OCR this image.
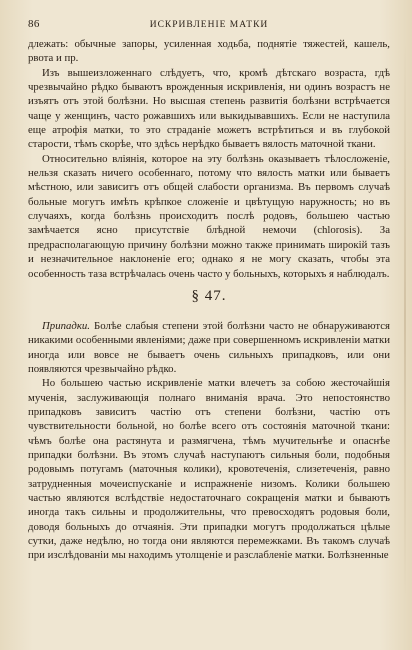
86	ИСКРИВЛЕНІЕ МАТКИ

длежать: обычные запоры, усиленная ходьба, поднятіе тяжестей, кашель, рвота и пр.

Изъ вышеизложеннаго слѣдуетъ, что, кромѣ дѣтскаго возраста, гдѣ чрезвычайно рѣдко бываютъ врожденныя искривленія, ни одинъ возрастъ не изъятъ отъ этой болѣзни. Но высшая степень развитія болѣзни встрѣчается чаще у женщинъ, часто рожавшихъ или выкидывавшихъ. Если не наступила еще атрофія матки, то это страданіе можетъ встрѣтиться и въ глубокой старости, тѣмъ скорѣе, что здѣсь нерѣдко бываетъ вялость маточной ткани.

Относительно вліянія, которое на эту болѣзнь оказываетъ тѣлосложеніе, нельзя сказать ничего особеннаго, потому что вялость матки или бываетъ мѣстною, или зависитъ отъ общей слабости организма. Въ первомъ случаѣ больные могутъ имѣть крѣпкое сложеніе и цвѣтущую наружность; но въ случаяхъ, когда болѣзнь происходитъ послѣ родовъ, большею частью замѣчается ясно присутствіе блѣдной немочи (chlorosis). За предрасполагающую причину болѣзни можно также принимать широкій тазъ и незначительное наклоненіе его; однако я не могу сказать, чтобы эта особенность таза встрѣчалась очень часто у больныхъ, которыхъ я наблюдалъ.

§ 47.

Припадки. Болѣе слабыя степени этой болѣзни часто не обнаруживаются никакими особенными явленіями; даже при совершенномъ искривленіи матки иногда или вовсе не бываетъ очень сильныхъ припадковъ, или они появляются чрезвычайно рѣдко.

Но большею частью искривленіе матки влечетъ за собою жесточайшія мученія, заслуживающія полнаго вниманія врача. Это непостоянство припадковъ зависитъ частію отъ степени болѣзни, частію отъ чувствительности больной, но болѣе всего отъ состоянія маточной ткани: чѣмъ болѣе она растянута и размягчена, тѣмъ мучительнѣе и опаснѣе припадки болѣзни. Въ этомъ случаѣ наступаютъ сильныя боли, подобныя родовымъ потугамъ (маточныя колики), кровотеченія, слизетеченія, равно затрудненныя мочеиспусканіе и испражненіе низомъ. Колики большею частью являются вслѣдствіе недостаточнаго сокращенія матки и бываютъ иногда такъ сильны и продолжительны, что превосходятъ родовыя боли, доводя больныхъ до отчаянія. Эти припадки могутъ продолжаться цѣлые сутки, даже недѣлю, но тогда они являются перемежками. Въ такомъ случаѣ при изслѣдованіи мы находимъ утолщеніе и разслабленіе матки. Болѣзненные
